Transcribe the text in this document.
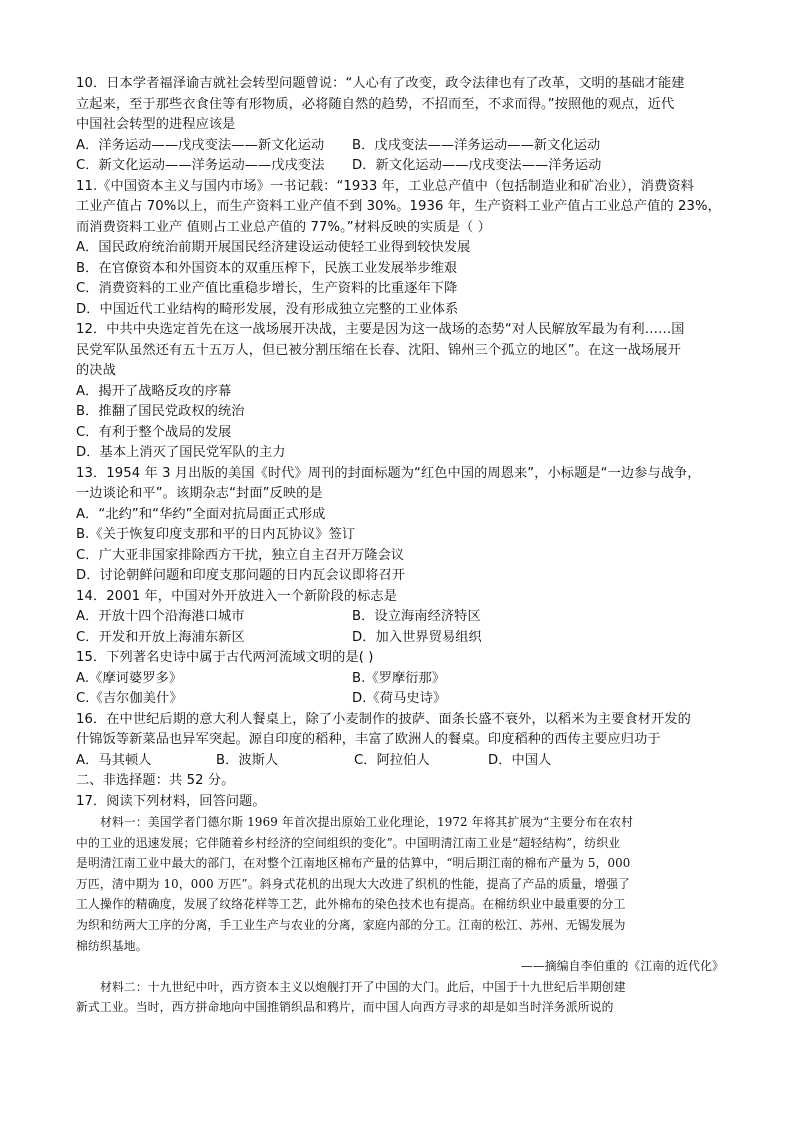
10．日本学者福泽谕吉就社会转型问题曾说：“人心有了改变，政令法律也有了改革，文明的基础才能建
立起来，至于那些衣食住等有形物质，必将随自然的趋势，不招而至，不求而得。”按照他的观点，近代
中国社会转型的进程应该是
A．洋务运动——戊戌变法——新文化运动	B．戊戌变法——洋务运动——新文化运动
C．新文化运动——洋务运动——戊戌变法	D．新文化运动——戊戌变法——洋务运动
11.《中国资本主义与国内市场》一书记载：“1933 年，工业总产值中（包括制造业和矿冶业），消费资料
工业产值占 70%以上，而生产资料工业产值不到 30%。1936 年，生产资料工业产值占工业总产值的 23%，
而消费资料工业产 值则占工业总产值的 77%。”材料反映的实质是（ ）
A．国民政府统治前期开展国民经济建设运动使轻工业得到较快发展
B．在官僚资本和外国资本的双重压榨下，民族工业发展举步维艰
C．消费资料的工业产值比重稳步增长，生产资料的比重逐年下降
D．中国近代工业结构的畸形发展，没有形成独立完整的工业体系
12．中共中央选定首先在这一战场展开决战，主要是因为这一战场的态势“对人民解放军最为有利……国
民党军队虽然还有五十五万人，但已被分割压缩在长春、沈阳、锦州三个孤立的地区”。在这一战场展开
的决战
A．揭开了战略反攻的序幕
B．推翻了国民党政权的统治
C．有利于整个战局的发展
D．基本上消灭了国民党军队的主力
13．1954 年 3 月出版的美国《时代》周刊的封面标题为“红色中国的周恩来”，小标题是“一边参与战争，
一边谈论和平”。该期杂志“封面”反映的是
A．“北约”和“华约”全面对抗局面正式形成
B.《关于恢复印度支那和平的日内瓦协议》签订
C．广大亚非国家排除西方干扰，独立自主召开万隆会议
D．讨论朝鲜问题和印度支那问题的日内瓦会议即将召开
14．2001 年，中国对外开放进入一个新阶段的标志是
A．开放十四个沿海港口城市	B．设立海南经济特区
C．开发和开放上海浦东新区	D．加入世界贸易组织
15．下列著名史诗中属于古代两河流域文明的是( )
A.《摩诃婆罗多》	B.《罗摩衍那》
C.《吉尔伽美什》	D.《荷马史诗》
16．在中世纪后期的意大利人餐桌上，除了小麦制作的披萨、面条长盛不衰外，以稻米为主要食材开发的
什锦饭等新菜品也异军突起。源自印度的稻种，丰富了欧洲人的餐桌。印度稻种的西传主要应归功于
A．马其顿人	B．波斯人	C．阿拉伯人	D．中国人
二、非选择题：共 52 分。
17．阅读下列材料，回答问题。
材料一：美国学者门德尔斯 1969 年首次提出原始工业化理论，1972 年将其扩展为“主要分布在农村
中的工业的迅速发展；它伴随着乡村经济的空间组织的变化”。中国明清江南工业是“超轻结构”，纺织业
是明清江南工业中最大的部门，在对整个江南地区棉布产量的估算中，“明后期江南的棉布产量为 5，000
万匹，清中期为 10，000 万匹”。斜身式花机的出现大大改进了织机的性能，提高了产品的质量，增强了
工人操作的精确度，发展了纹络花样等工艺，此外棉布的染色技术也有提高。在棉纺织业中最重要的分工
为织和纺两大工序的分离，手工业生产与农业的分离，家庭内部的分工。江南的松江、苏州、无锡发展为
棉纺织基地。
——摘编自李伯重的《江南的近代化》
材料二：十九世纪中叶，西方资本主义以炮舰打开了中国的大门。此后，中国于十九世纪后半期创建
新式工业。当时，西方拼命地向中国推销织品和鸦片，而中国人向西方寻求的却是如当时洋务派所说的
